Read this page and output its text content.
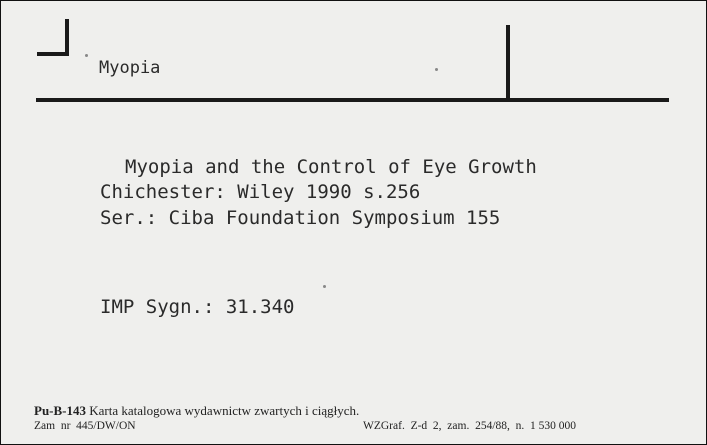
Myopia

Myopia and the Control of Eye Growth

Chichester: Wiley 1990 s.256

Ser.: Ciba Foundation Symposium 155

IMP Sygn.: 31.340

Pu-B-143 Karta katalogowa wydawnictw zwartych i ciągłych.

Zam  nr  445/DW/ON	WZGraf.  Z-d  2,  zam.  254/88,  n.  1 530 000
